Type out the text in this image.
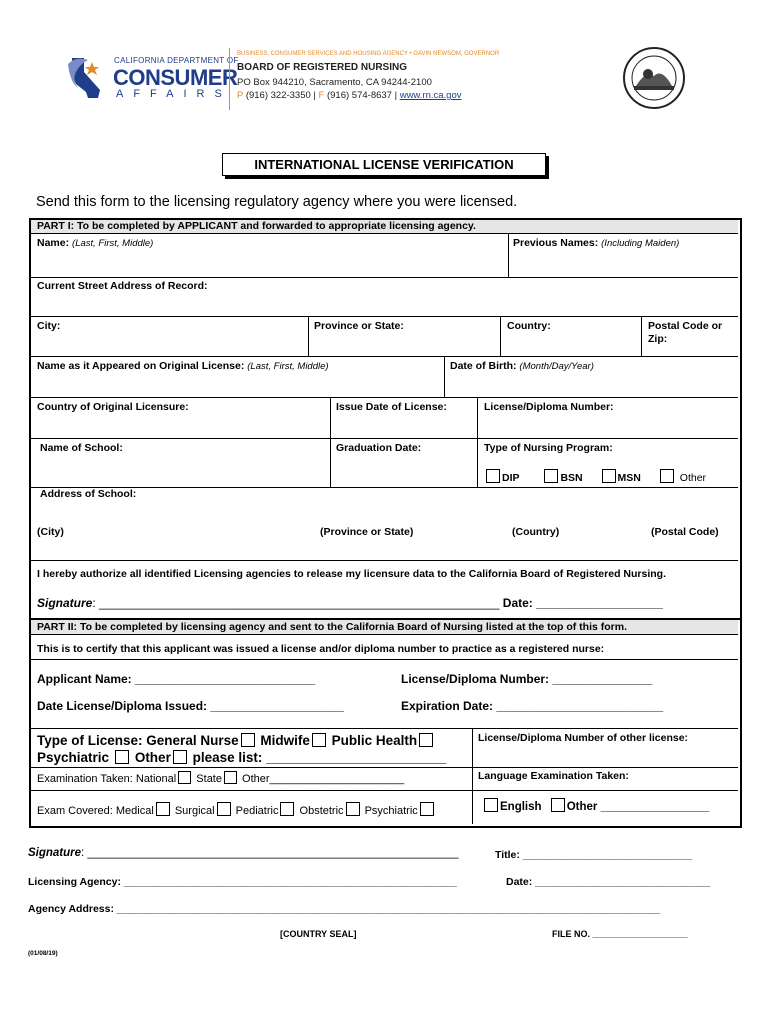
CALIFORNIA DEPARTMENT OF
CONSUMER
AFFAIRS
BUSINESS, CONSUMER SERVICES AND HOUSING AGENCY • GAVIN NEWSOM, GOVERNOR
BOARD OF REGISTERED NURSING
PO Box 944210, Sacramento, CA 94244-2100
P (916) 322-3350 | F (916) 574-8637 | www.rn.ca.gov
INTERNATIONAL LICENSE VERIFICATION
Send this form to the licensing regulatory agency where you were licensed.
PART I: To be completed by APPLICANT and forwarded to appropriate licensing agency.
Name: (Last, First, Middle)	Previous Names: (Including Maiden)
Current Street Address of Record:
City:	Province or State:	Country:	Postal Code or
Zip:
Name as it Appeared on Original License: (Last, First, Middle)	Date of Birth: (Month/Day/Year)
Country of Original Licensure:	Issue Date of License:	License/Diploma Number:
Name of School:	Graduation Date:	Type of Nursing Program:
DIP	BSN	MSN	Other
Address of School:
(City)	(Province or State)	(Country)	(Postal Code)
I hereby authorize all identified Licensing agencies to release my licensure data to the California Board of Registered Nursing.
Signature: ____________________________________________________________ Date: ___________________
PART II: To be completed by licensing agency and sent to the California Board of Nursing listed at the top of this form.
This is to certify that this applicant was issued a license and/or diploma number to practice as a registered nurse:
Applicant Name: ___________________________	License/Diploma Number: _______________
Date License/Diploma Issued: ____________________	Expiration Date: _________________________
Type of License: General Nurse Midwife Public Health
Psychiatric Other please list: ________________________
License/Diploma Number of other license:
Examination Taken: National State Other______________________	Language Examination Taken:
Exam Covered: Medical Surgical Pediatric Obstetric Psychiatric	English Other _________________
Signature: __________________________________________________________	Title: _____________________________
Licensing Agency: _________________________________________________________	Date: ______________________________
Agency Address: _____________________________________________________________________________________________
[COUNTRY SEAL]	FILE NO. ___________________
(01/08/19)
